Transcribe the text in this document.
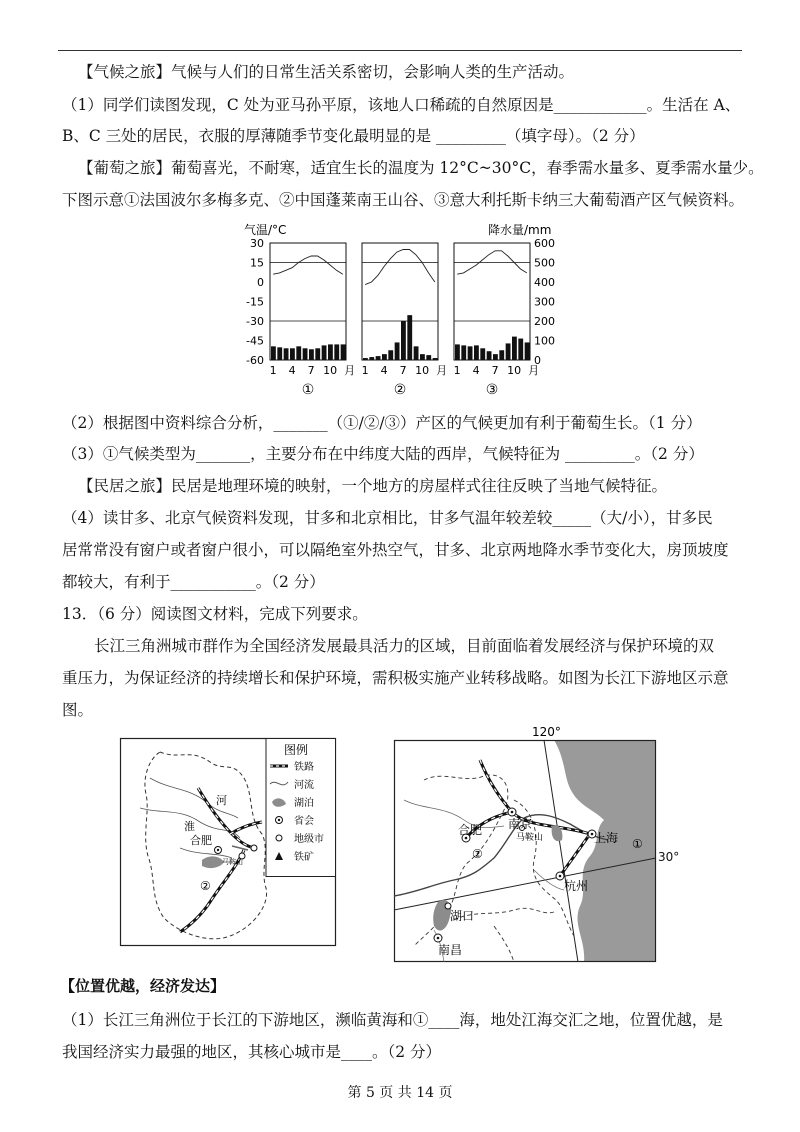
【气候之旅】气候与人们的日常生活关系密切，会影响人类的生产活动。
（1）同学们读图发现，C 处为亚马孙平原，该地人口稀疏的自然原因是____________。生活在 A、
B、C 三处的居民，衣服的厚薄随季节变化最明显的是 _________（填字母）。（2 分）
【葡萄之旅】葡萄喜光，不耐寒，适宜生长的温度为 12°C~30°C，春季需水量多、夏季需水量少。
下图示意①法国波尔多梅多克、②中国蓬莱南王山谷、③意大利托斯卡纳三大葡萄酒产区气候资料。
气温/°C	降水量/mm
30
15
0
-15
-30
-45
-60
600
500
400
300
200
100
0
1 4 7 10 月
①
1 4 7 10 月
②
1 4 7 10 月
③
（2）根据图中资料综合分析，_______（①/②/③）产区的气候更加有利于葡萄生长。（1 分）
（3）①气候类型为_______，主要分布在中纬度大陆的西岸，气候特征为 _________。（2 分）
【民居之旅】民居是地理环境的映射，一个地方的房屋样式往往反映了当地气候特征。
（4）读甘多、北京气候资料发现，甘多和北京相比，甘多气温年较差较_____（大/小），甘多民
居常常没有窗户或者窗户很小，可以隔绝室外热空气，甘多、北京两地降水季节变化大，房顶坡度
都较大，有利于___________。（2 分）
13．（6 分）阅读图文材料，完成下列要求。
长江三角洲城市群作为全国经济发展最具活力的区域，目前面临着发展经济与保护环境的双
重压力，为保证经济的持续增长和保护环境，需积极实施产业转移战略。如图为长江下游地区示意
图。
淮
河
合肥
马鞍山
②
图例
铁路
河流
湖泊
省会
地级市
铁矿
120°
南京
合肥
马鞍山	上海
杭州
湖口
南昌
①
②	30°
【位置优越，经济发达】
（1）长江三角洲位于长江的下游地区，濒临黄海和①____海，地处江海交汇之地，位置优越，是
我国经济实力最强的地区，其核心城市是____。（2 分）
第 5 页 共 14 页
